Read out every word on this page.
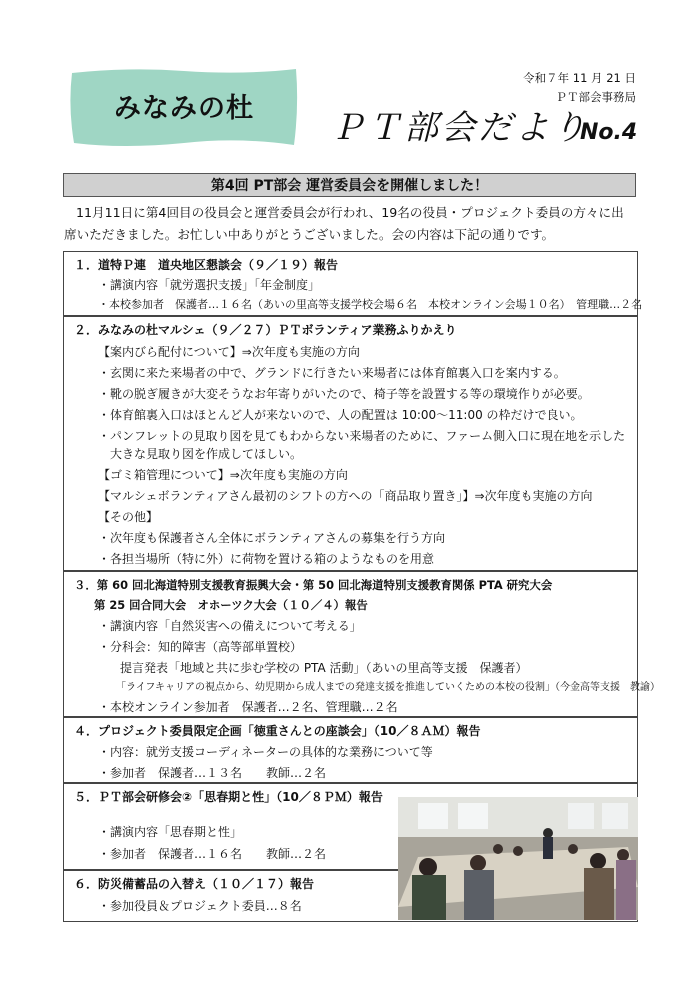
みなみの杜	ＰＴ部会だより
No.4
令和７年 11 月 21 日
ＰＴ部会事務局
第4回 PT部会 運営委員会を開催しました！
11月11日に第4回目の役員会と運営委員会が行われ、19名の役員・プロジェクト委員の方々に出
席いただきました。お忙しい中ありがとうございました。会の内容は下記の通りです。
１．道特Ｐ連　道央地区懇談会（９／１９）報告
・講演内容「就労選択支援」「年金制度」
・本校参加者　保護者…１６名（あいの里高等支援学校会場６名　本校オンライン会場１０名）　管理職…２名
２．みなみの杜マルシェ（９／２７）ＰＴボランティア業務ふりかえり
【案内びら配付について】⇒次年度も実施の方向
・玄関に来た来場者の中で、グランドに行きたい来場者には体育館裏入口を案内する。
・靴の脱ぎ履きが大変そうなお年寄りがいたので、椅子等を設置する等の環境作りが必要。
・体育館裏入口はほとんど人が来ないので、人の配置は 10:00～11:00 の枠だけで良い。
・パンフレットの見取り図を見てもわからない来場者のために、ファーム側入口に現在地を示した
大きな見取り図を作成してほしい。
【ゴミ箱管理について】⇒次年度も実施の方向
【マルシェボランティアさん最初のシフトの方への「商品取り置き」】⇒次年度も実施の方向
【その他】
・次年度も保護者さん全体にボランティアさんの募集を行う方向
・各担当場所（特に外）に荷物を置ける箱のようなものを用意
３．第 60 回北海道特別支援教育振興大会・第 50 回北海道特別支援教育関係 PTA 研究大会
第 25 回合同大会　オホーツク大会（１０／４）報告
・講演内容「自然災害への備えについて考える」
・分科会：知的障害（高等部単置校）
提言発表「地域と共に歩む学校の PTA 活動」（あいの里高等支援　保護者）
「ライフキャリアの視点から、幼児期から成人までの発達支援を推進していくための本校の役割」（今金高等支援　教諭）
・本校オンライン参加者　保護者…２名、管理職…２名
４．プロジェクト委員限定企画「徳重さんとの座談会」（10／８ＡＭ）報告
・内容：就労支援コーディネーターの具体的な業務について等
・参加者　保護者…１３名　　教師…２名
５．ＰＴ部会研修会②「思春期と性」（10／８ＰＭ）報告
・講演内容「思春期と性」
・参加者　保護者…１６名　　教師…２名
６．防災備蓄品の入替え（１０／１７）報告
・参加役員＆プロジェクト委員…８名
